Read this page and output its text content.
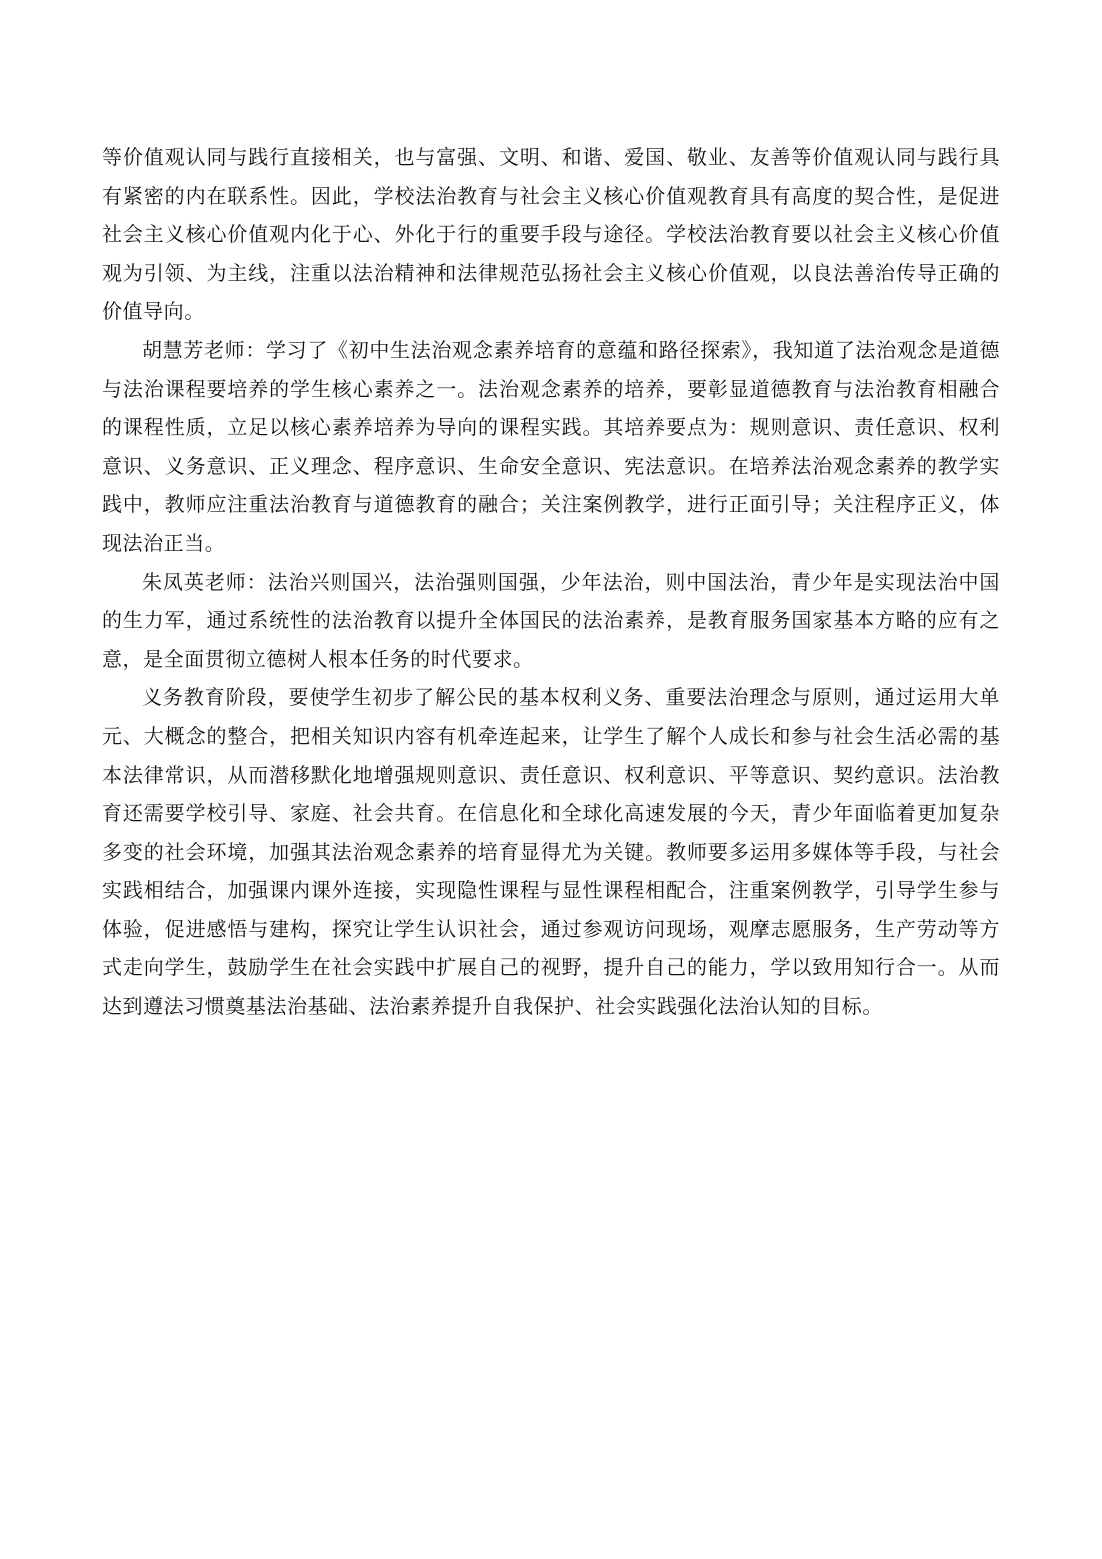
等价值观认同与践行直接相关，也与富强、文明、和谐、爱国、敬业、友善等价值观认同与践行具有紧密的内在联系性。因此，学校法治教育与社会主义核心价值观教育具有高度的契合性，是促进社会主义核心价值观内化于心、外化于行的重要手段与途径。学校法治教育要以社会主义核心价值观为引领、为主线，注重以法治精神和法律规范弘扬社会主义核心价值观，以良法善治传导正确的价值导向。

胡慧芳老师：学习了《初中生法治观念素养培育的意蕴和路径探索》，我知道了法治观念是道德与法治课程要培养的学生核心素养之一。法治观念素养的培养，要彰显道德教育与法治教育相融合的课程性质，立足以核心素养培养为导向的课程实践。其培养要点为：规则意识、责任意识、权利意识、义务意识、正义理念、程序意识、生命安全意识、宪法意识。在培养法治观念素养的教学实践中，教师应注重法治教育与道德教育的融合；关注案例教学，进行正面引导；关注程序正义，体现法治正当。

朱凤英老师：法治兴则国兴，法治强则国强，少年法治，则中国法治，青少年是实现法治中国的生力军，通过系统性的法治教育以提升全体国民的法治素养，是教育服务国家基本方略的应有之意，是全面贯彻立德树人根本任务的时代要求。

义务教育阶段，要使学生初步了解公民的基本权利义务、重要法治理念与原则，通过运用大单元、大概念的整合，把相关知识内容有机牵连起来，让学生了解个人成长和参与社会生活必需的基本法律常识，从而潜移默化地增强规则意识、责任意识、权利意识、平等意识、契约意识。法治教育还需要学校引导、家庭、社会共育。在信息化和全球化高速发展的今天，青少年面临着更加复杂多变的社会环境，加强其法治观念素养的培育显得尤为关键。教师要多运用多媒体等手段，与社会实践相结合，加强课内课外连接，实现隐性课程与显性课程相配合，注重案例教学，引导学生参与体验，促进感悟与建构，探究让学生认识社会，通过参观访问现场，观摩志愿服务，生产劳动等方式走向学生，鼓励学生在社会实践中扩展自己的视野，提升自己的能力，学以致用知行合一。从而达到遵法习惯奠基法治基础、法治素养提升自我保护、社会实践强化法治认知的目标。
